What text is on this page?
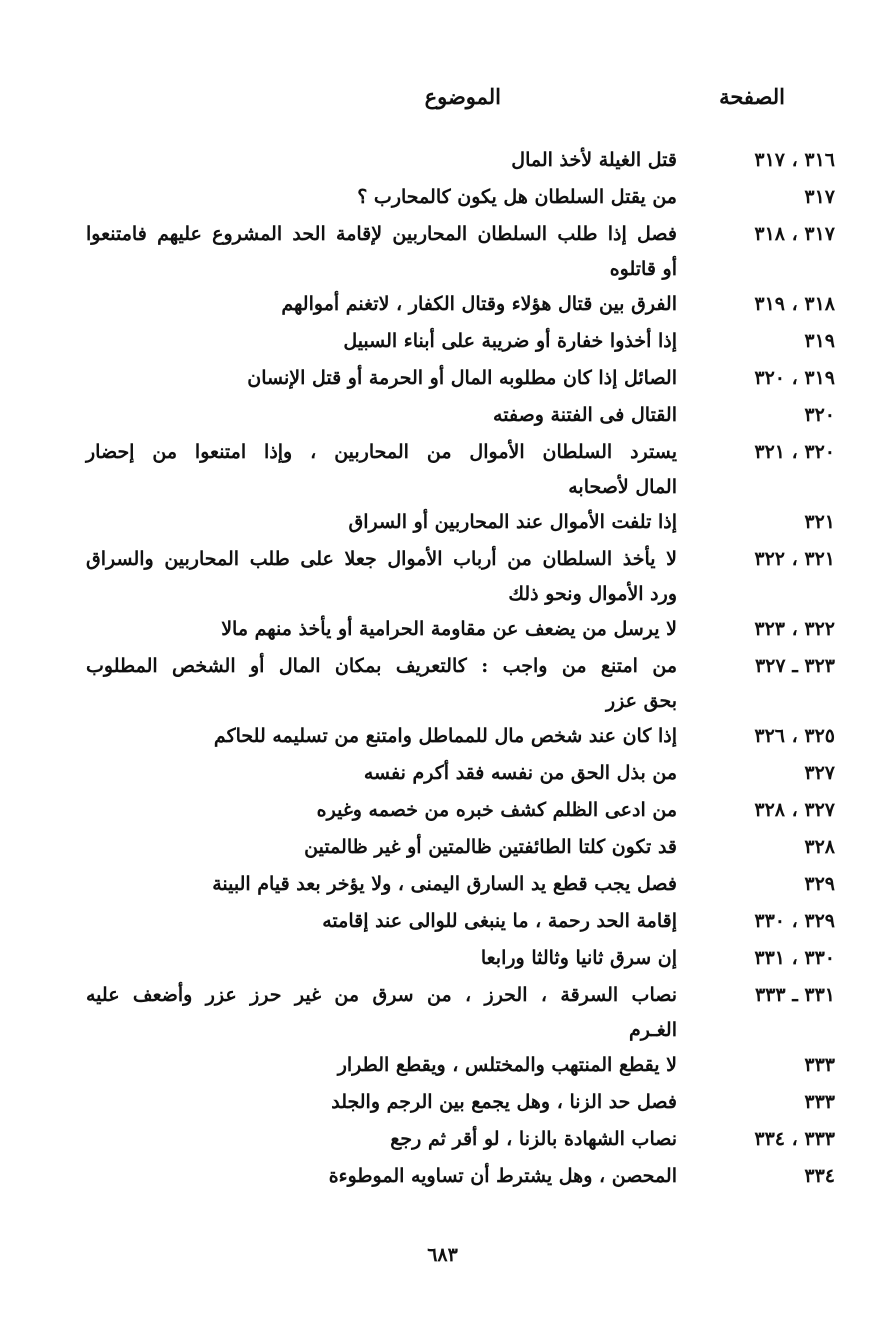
الصفحة
الموضوع
٣١٦ ، ٣١٧
قتل الغيلة لأخذ المال
٣١٧
من يقتل السلطان هل يكون كالمحارب ؟
٣١٧ ، ٣١٨
فصل إذا طلب السلطان المحاربين لإقامة الحد المشروع عليهم فامتنعوا
أو قاتلوه
٣١٨ ، ٣١٩
الفرق بين قتال هؤلاء وقتال الكفار ، لاتغنم أموالهم
٣١٩
إذا أخذوا خفارة أو ضريبة على أبناء السبيل
٣١٩ ، ٣٢٠
الصائل إذا كان مطلوبه المال أو الحرمة أو قتل الإنسان
٣٢٠
القتال فى الفتنة وصفته
٣٢٠ ، ٣٢١
يسترد السلطان الأموال من المحاربين ، وإذا امتنعوا من إحضار
المال لأصحابه
٣٢١
إذا تلفت الأموال عند المحاربين أو السراق
٣٢١ ، ٣٢٢
لا يأخذ السلطان من أرباب الأموال جعلا على طلب المحاربين والسراق
ورد الأموال ونحو ذلك
٣٢٢ ، ٣٢٣
لا يرسل من يضعف عن مقاومة الحرامية أو يأخذ منهم مالا
٣٢٣ ـ ٣٢٧
من امتنع من واجب : كالتعريف بمكان المال أو الشخص المطلوب
بحق عزر
٣٢٥ ، ٣٢٦
إذا كان عند شخص مال للمماطل وامتنع من تسليمه للحاكم
٣٢٧
من بذل الحق من نفسه فقد أكرم نفسه
٣٢٧ ، ٣٢٨
من ادعى الظلم كشف خبره من خصمه وغيره
٣٢٨
قد تكون كلتا الطائفتين ظالمتين أو غير ظالمتين
٣٢٩
فصل يجب قطع يد السارق اليمنى ، ولا يؤخر بعد قيام البينة
٣٢٩ ، ٣٣٠
إقامة الحد رحمة ، ما ينبغى للوالى عند إقامته
٣٣٠ ، ٣٣١
إن سرق ثانيا وثالثا ورابعا
٣٣١ ـ ٣٣٣
نصاب السرقة ، الحرز ، من سرق من غير حرز عزر وأضعف عليه
الغـرم
٣٣٣
لا يقطع المنتهب والمختلس ، ويقطع الطرار
٣٣٣
فصل حد الزنا ، وهل يجمع بين الرجم والجلد
٣٣٣ ، ٣٣٤
نصاب الشهادة بالزنا ، لو أقر ثم رجع
٣٣٤
المحصن ، وهل يشترط أن تساويه الموطوءة
٦٨٣
